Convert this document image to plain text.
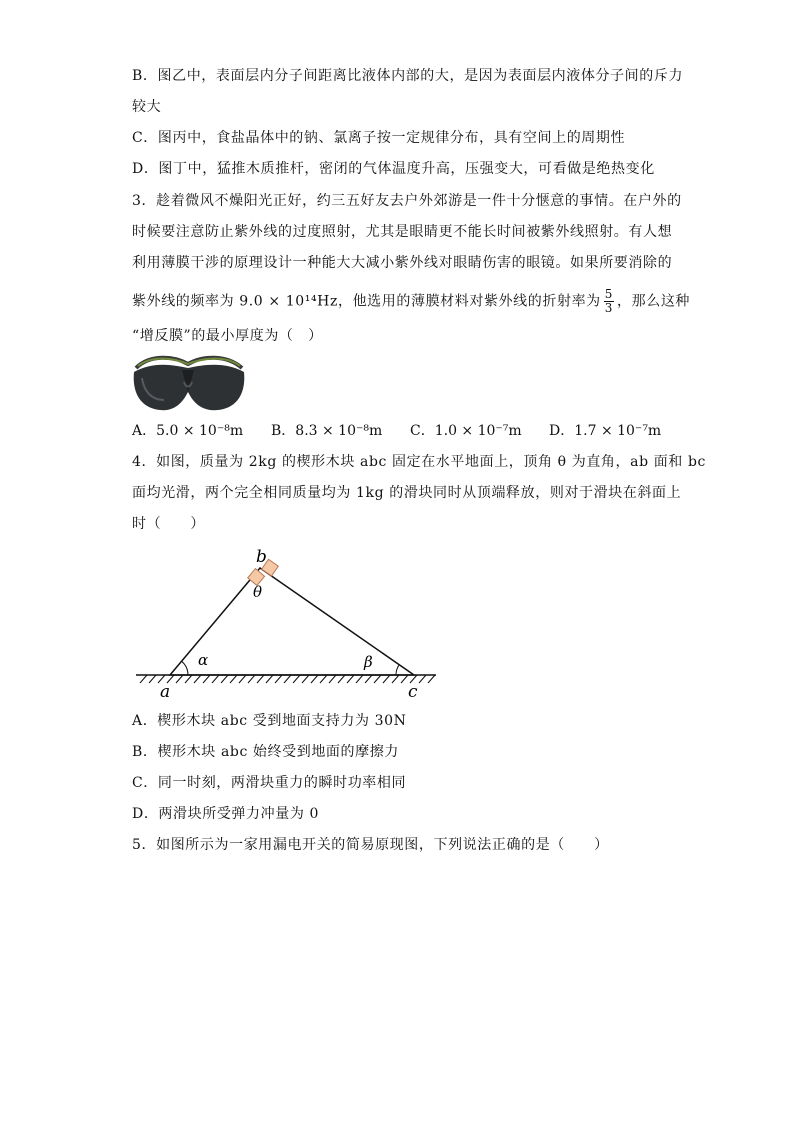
B．图乙中，表面层内分子间距离比液体内部的大，是因为表面层内液体分子间的斥力
较大
C．图丙中，食盐晶体中的钠、氯离子按一定规律分布，具有空间上的周期性
D．图丁中，猛推木质推杆，密闭的气体温度升高，压强变大，可看做是绝热变化
3．趁着微风不燥阳光正好，约三五好友去户外郊游是一件十分惬意的事情。在户外的
时候要注意防止紫外线的过度照射，尤其是眼睛更不能长时间被紫外线照射。有人想
利用薄膜干涉的原理设计一种能大大减小紫外线对眼睛伤害的眼镜。如果所要消除的
紫外线的频率为 9.0 × 10¹⁴Hz，他选用的薄膜材料对紫外线的折射率为 $\frac{5}{3}$ ，那么这种
“增反膜”的最小厚度为（　）
A．5.0 × 10⁻⁸m B．8.3 × 10⁻⁸m C．1.0 × 10⁻⁷m D．1.7 × 10⁻⁷m
4．如图，质量为 2kg 的楔形木块 abc 固定在水平地面上，顶角 θ 为直角，ab 面和 bc
面均光滑，两个完全相同质量均为 1kg 的滑块同时从顶端释放，则对于滑块在斜面上
时（　　）
b
θ
α	β
a	c
A．楔形木块 abc 受到地面支持力为 30N
B．楔形木块 abc 始终受到地面的摩擦力
C．同一时刻，两滑块重力的瞬时功率相同
D．两滑块所受弹力冲量为 0
5．如图所示为一家用漏电开关的简易原现图，下列说法正确的是（　　）
